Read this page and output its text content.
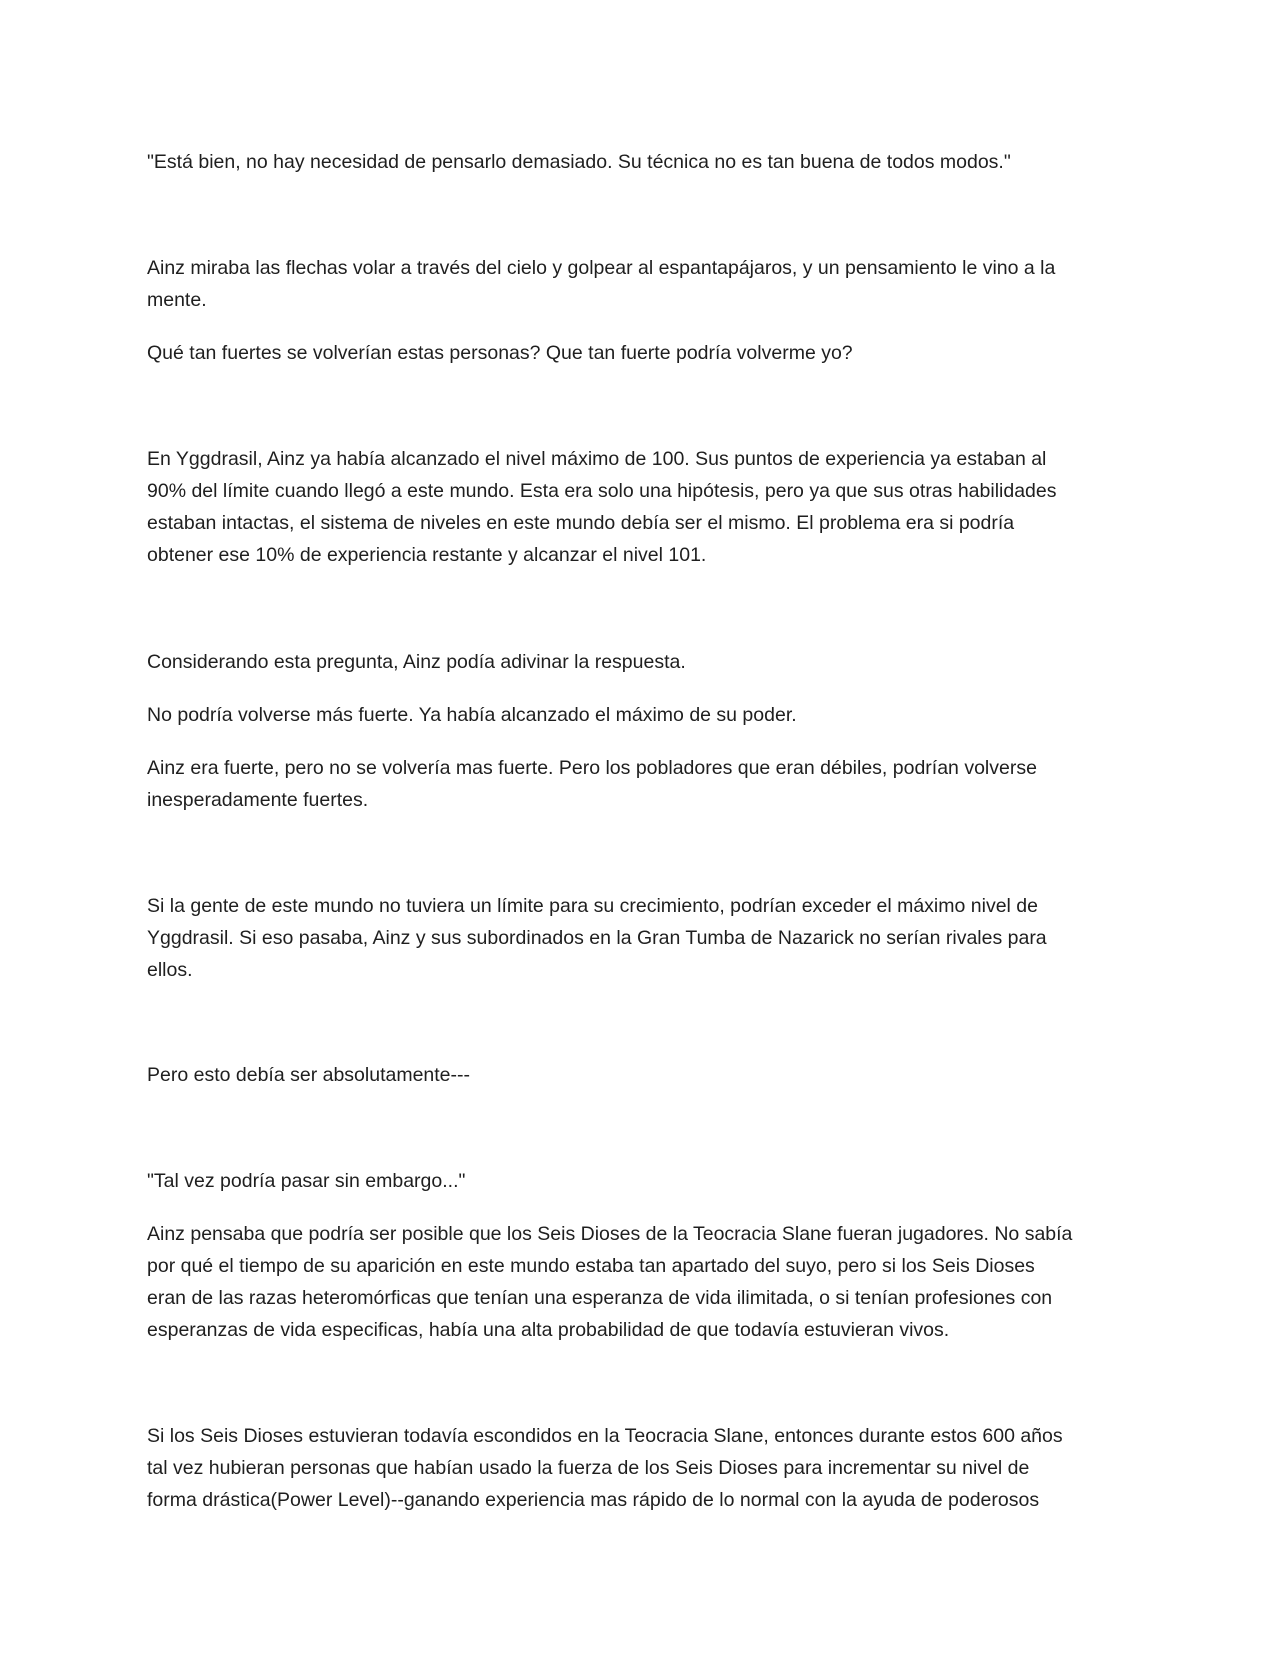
"Está bien, no hay necesidad de pensarlo demasiado. Su técnica no es tan buena de todos modos."

Ainz miraba las flechas volar a través del cielo y golpear al espantapájaros, y un pensamiento le vino a la
mente.

Qué tan fuertes se volverían estas personas? Que tan fuerte podría volverme yo?

En Yggdrasil, Ainz ya había alcanzado el nivel máximo de 100. Sus puntos de experiencia ya estaban al
90% del límite cuando llegó a este mundo. Esta era solo una hipótesis, pero ya que sus otras habilidades
estaban intactas, el sistema de niveles en este mundo debía ser el mismo. El problema era si podría
obtener ese 10% de experiencia restante y alcanzar el nivel 101.

Considerando esta pregunta, Ainz podía adivinar la respuesta.

No podría volverse más fuerte. Ya había alcanzado el máximo de su poder.

Ainz era fuerte, pero no se volvería mas fuerte. Pero los pobladores que eran débiles, podrían volverse
inesperadamente fuertes.

Si la gente de este mundo no tuviera un límite para su crecimiento, podrían exceder el máximo nivel de
Yggdrasil. Si eso pasaba, Ainz y sus subordinados en la Gran Tumba de Nazarick no serían rivales para
ellos.

Pero esto debía ser absolutamente---

"Tal vez podría pasar sin embargo..."

Ainz pensaba que podría ser posible que los Seis Dioses de la Teocracia Slane fueran jugadores. No sabía
por qué el tiempo de su aparición en este mundo estaba tan apartado del suyo, pero si los Seis Dioses
eran de las razas heteromórficas que tenían una esperanza de vida ilimitada, o si tenían profesiones con
esperanzas de vida especificas, había una alta probabilidad de que todavía estuvieran vivos.

Si los Seis Dioses estuvieran todavía escondidos en la Teocracia Slane, entonces durante estos 600 años
tal vez hubieran personas que habían usado la fuerza de los Seis Dioses para incrementar su nivel de
forma drástica(Power Level)--ganando experiencia mas rápido de lo normal con la ayuda de poderosos
